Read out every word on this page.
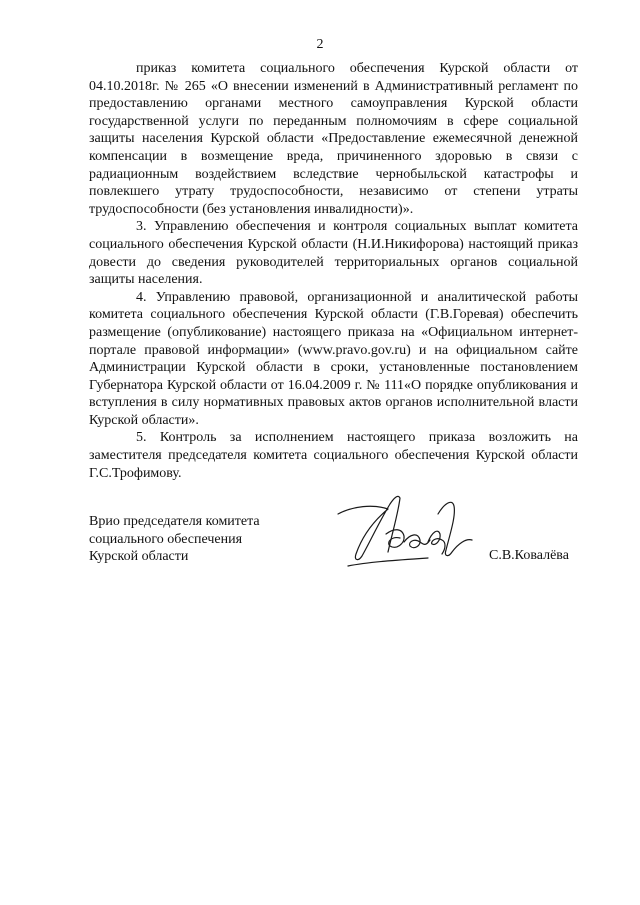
2

приказ комитета социального обеспечения Курской области от 04.10.2018г. № 265 «О внесении изменений в Административный регламент по предоставлению органами местного самоуправления Курской области государственной услуги по переданным полномочиям в сфере социальной защиты населения Курской области «Предоставление ежемесячной денежной компенсации в возмещение вреда, причиненного здоровью в связи с радиационным воздействием вследствие чернобыльской катастрофы и повлекшего утрату трудоспособности, независимо от степени утраты трудоспособности (без установления инвалидности)».

3. Управлению обеспечения и контроля социальных выплат комитета социального обеспечения Курской области (Н.И.Никифорова) настоящий приказ довести до сведения руководителей территориальных органов социальной защиты населения.

4. Управлению правовой, организационной и аналитической работы комитета социального обеспечения Курской области (Г.В.Горевая) обеспечить размещение (опубликование) настоящего приказа на «Официальном интернет-портале правовой информации» (www.pravo.gov.ru) и на официальном сайте Администрации Курской области в сроки, установленные постановлением Губернатора Курской области от 16.04.2009 г. № 111«О порядке опубликования и вступления в силу нормативных правовых актов органов исполнительной власти Курской области».

5. Контроль за исполнением настоящего приказа возложить на заместителя председателя комитета социального обеспечения Курской области Г.С.Трофимову.

Врио председателя комитета
социального обеспечения
Курской области	С.В.Ковалёва
